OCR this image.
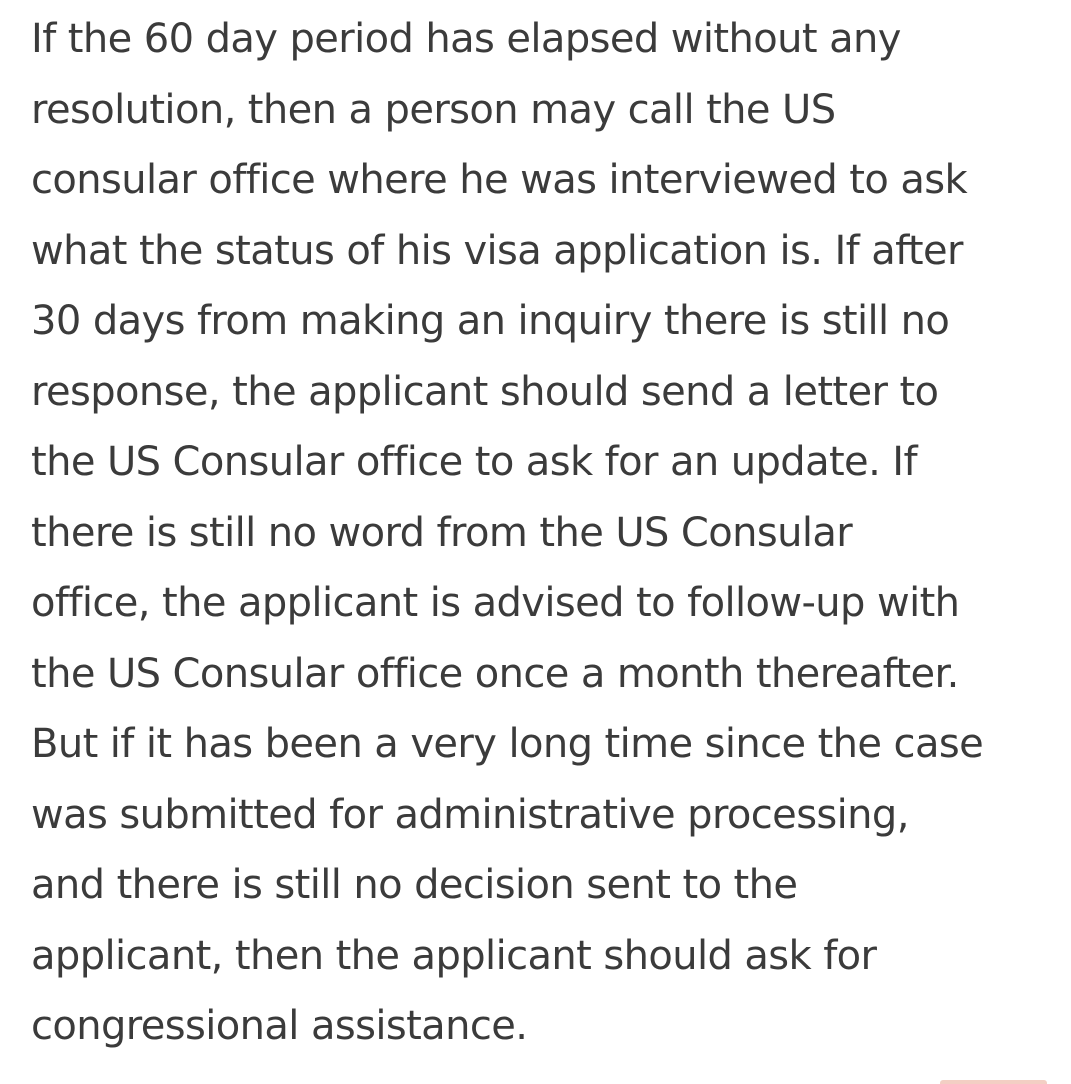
If the 60 day period has elapsed without any
resolution, then a person may call the US
consular office where he was interviewed to ask
what the status of his visa application is. If after
30 days from making an inquiry there is still no
response, the applicant should send a letter to
the US Consular office to ask for an update. If
there is still no word from the US Consular
office, the applicant is advised to follow-up with
the US Consular office once a month thereafter.
But if it has been a very long time since the case
was submitted for administrative processing,
and there is still no decision sent to the
applicant, then the applicant should ask for
congressional assistance.
